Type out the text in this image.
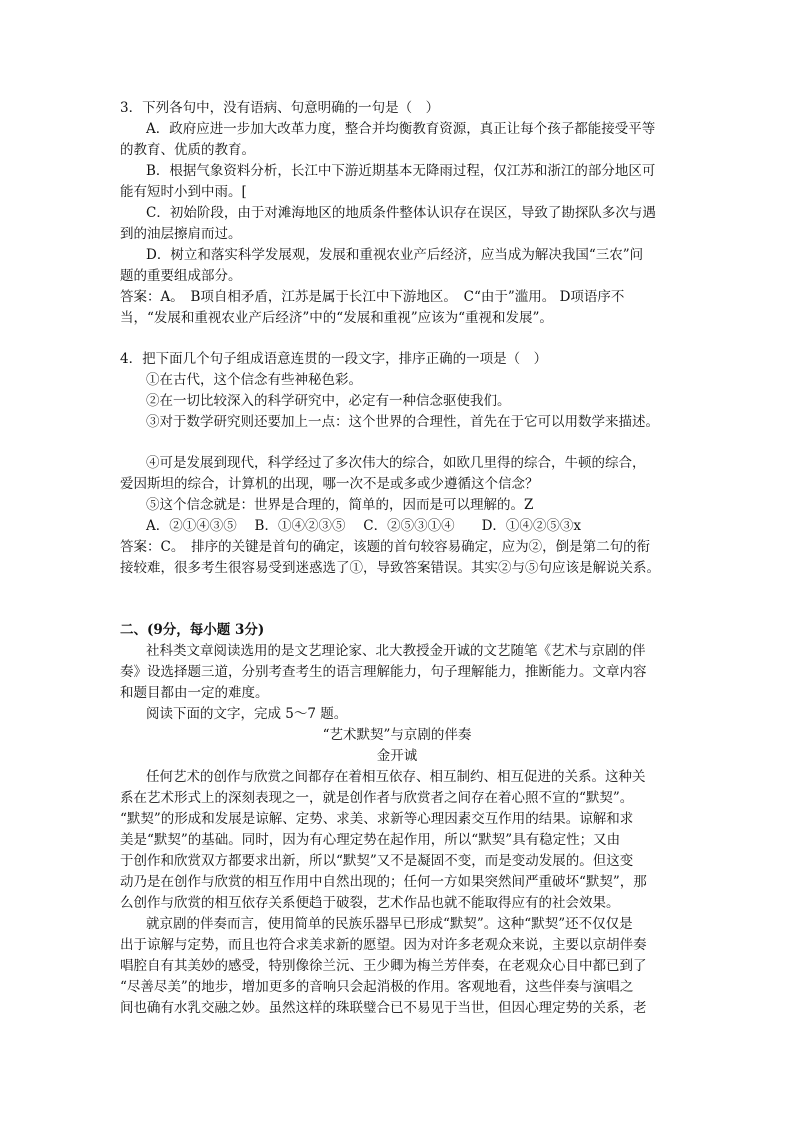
3．下列各句中，没有语病、句意明确的一句是（　）
A．政府应进一步加大改革力度，整合并均衡教育资源，真正让每个孩子都能接受平等
的教育、优质的教育。
B．根据气象资料分析，长江中下游近期基本无降雨过程，仅江苏和浙江的部分地区可
能有短时小到中雨。[
C．初始阶段，由于对滩海地区的地质条件整体认识存在误区，导致了勘探队多次与遇
到的油层擦肩而过。
D．树立和落实科学发展观，发展和重视农业产后经济，应当成为解决我国“三农”问
题的重要组成部分。
答案：A。　B项自相矛盾，江苏是属于长江中下游地区。　C“由于”滥用。 D项语序不
当，“发展和重视农业产后经济”中的“发展和重视”应该为“重视和发展”。
4．把下面几个句子组成语意连贯的一段文字，排序正确的一项是（　）
①在古代，这个信念有些神秘色彩。
②在一切比较深入的科学研究中，必定有一种信念驱使我们。
③对于数学研究则还要加上一点：这个世界的合理性，首先在于它可以用数学来描述。
④可是发展到现代，科学经过了多次伟大的综合，如欧几里得的综合，牛顿的综合，
爱因斯坦的综合，计算机的出现，哪一次不是或多或少遵循这个信念？
⑤这个信念就是：世界是合理的，简单的，因而是可以理解的。Z
A．②①④③⑤　 B．①④②③⑤　 C．②⑤③①④　　D．①④②⑤③x
答案：C。　排序的关键是首句的确定，该题的首句较容易确定，应为②，倒是第二句的衔
接较难，很多考生很容易受到迷惑选了①，导致答案错误。其实②与⑤句应该是解说关系。
二、(9分，每小题 3分)
社科类文章阅读选用的是文艺理论家、北大教授金开诚的文艺随笔《艺术与京剧的伴
奏》设选择题三道，分别考查考生的语言理解能力，句子理解能力，推断能力。文章内容
和题目都由一定的难度。
阅读下面的文字，完成 5～7 题。
“艺术默契”与京剧的伴奏
金开诚
任何艺术的创作与欣赏之间都存在着相互依存、相互制约、相互促进的关系。这种关
系在艺术形式上的深刻表现之一，就是创作者与欣赏者之间存在着心照不宣的“默契”。
“默契”的形成和发展是谅解、定势、求美、求新等心理因素交互作用的结果。谅解和求
美是“默契”的基础。同时，因为有心理定势在起作用，所以“默契”具有稳定性；又由
于创作和欣赏双方都要求出新，所以“默契”又不是凝固不变，而是变动发展的。但这变
动乃是在创作与欣赏的相互作用中自然出现的；任何一方如果突然间严重破坏“默契”，那
么创作与欣赏的相互依存关系便趋于破裂，艺术作品也就不能取得应有的社会效果。
就京剧的伴奏而言，使用简单的民族乐器早已形成“默契”。这种“默契”还不仅仅是
出于谅解与定势，而且也符合求美求新的愿望。因为对许多老观众来说，主要以京胡伴奏
唱腔自有其美妙的感受，特别像徐兰沅、王少卿为梅兰芳伴奏，在老观众心目中都已到了
“尽善尽美”的地步，增加更多的音响只会起消极的作用。客观地看，这些伴奏与演唱之
间也确有水乳交融之妙。虽然这样的珠联璧合已不易见于当世，但因心理定势的关系，老
